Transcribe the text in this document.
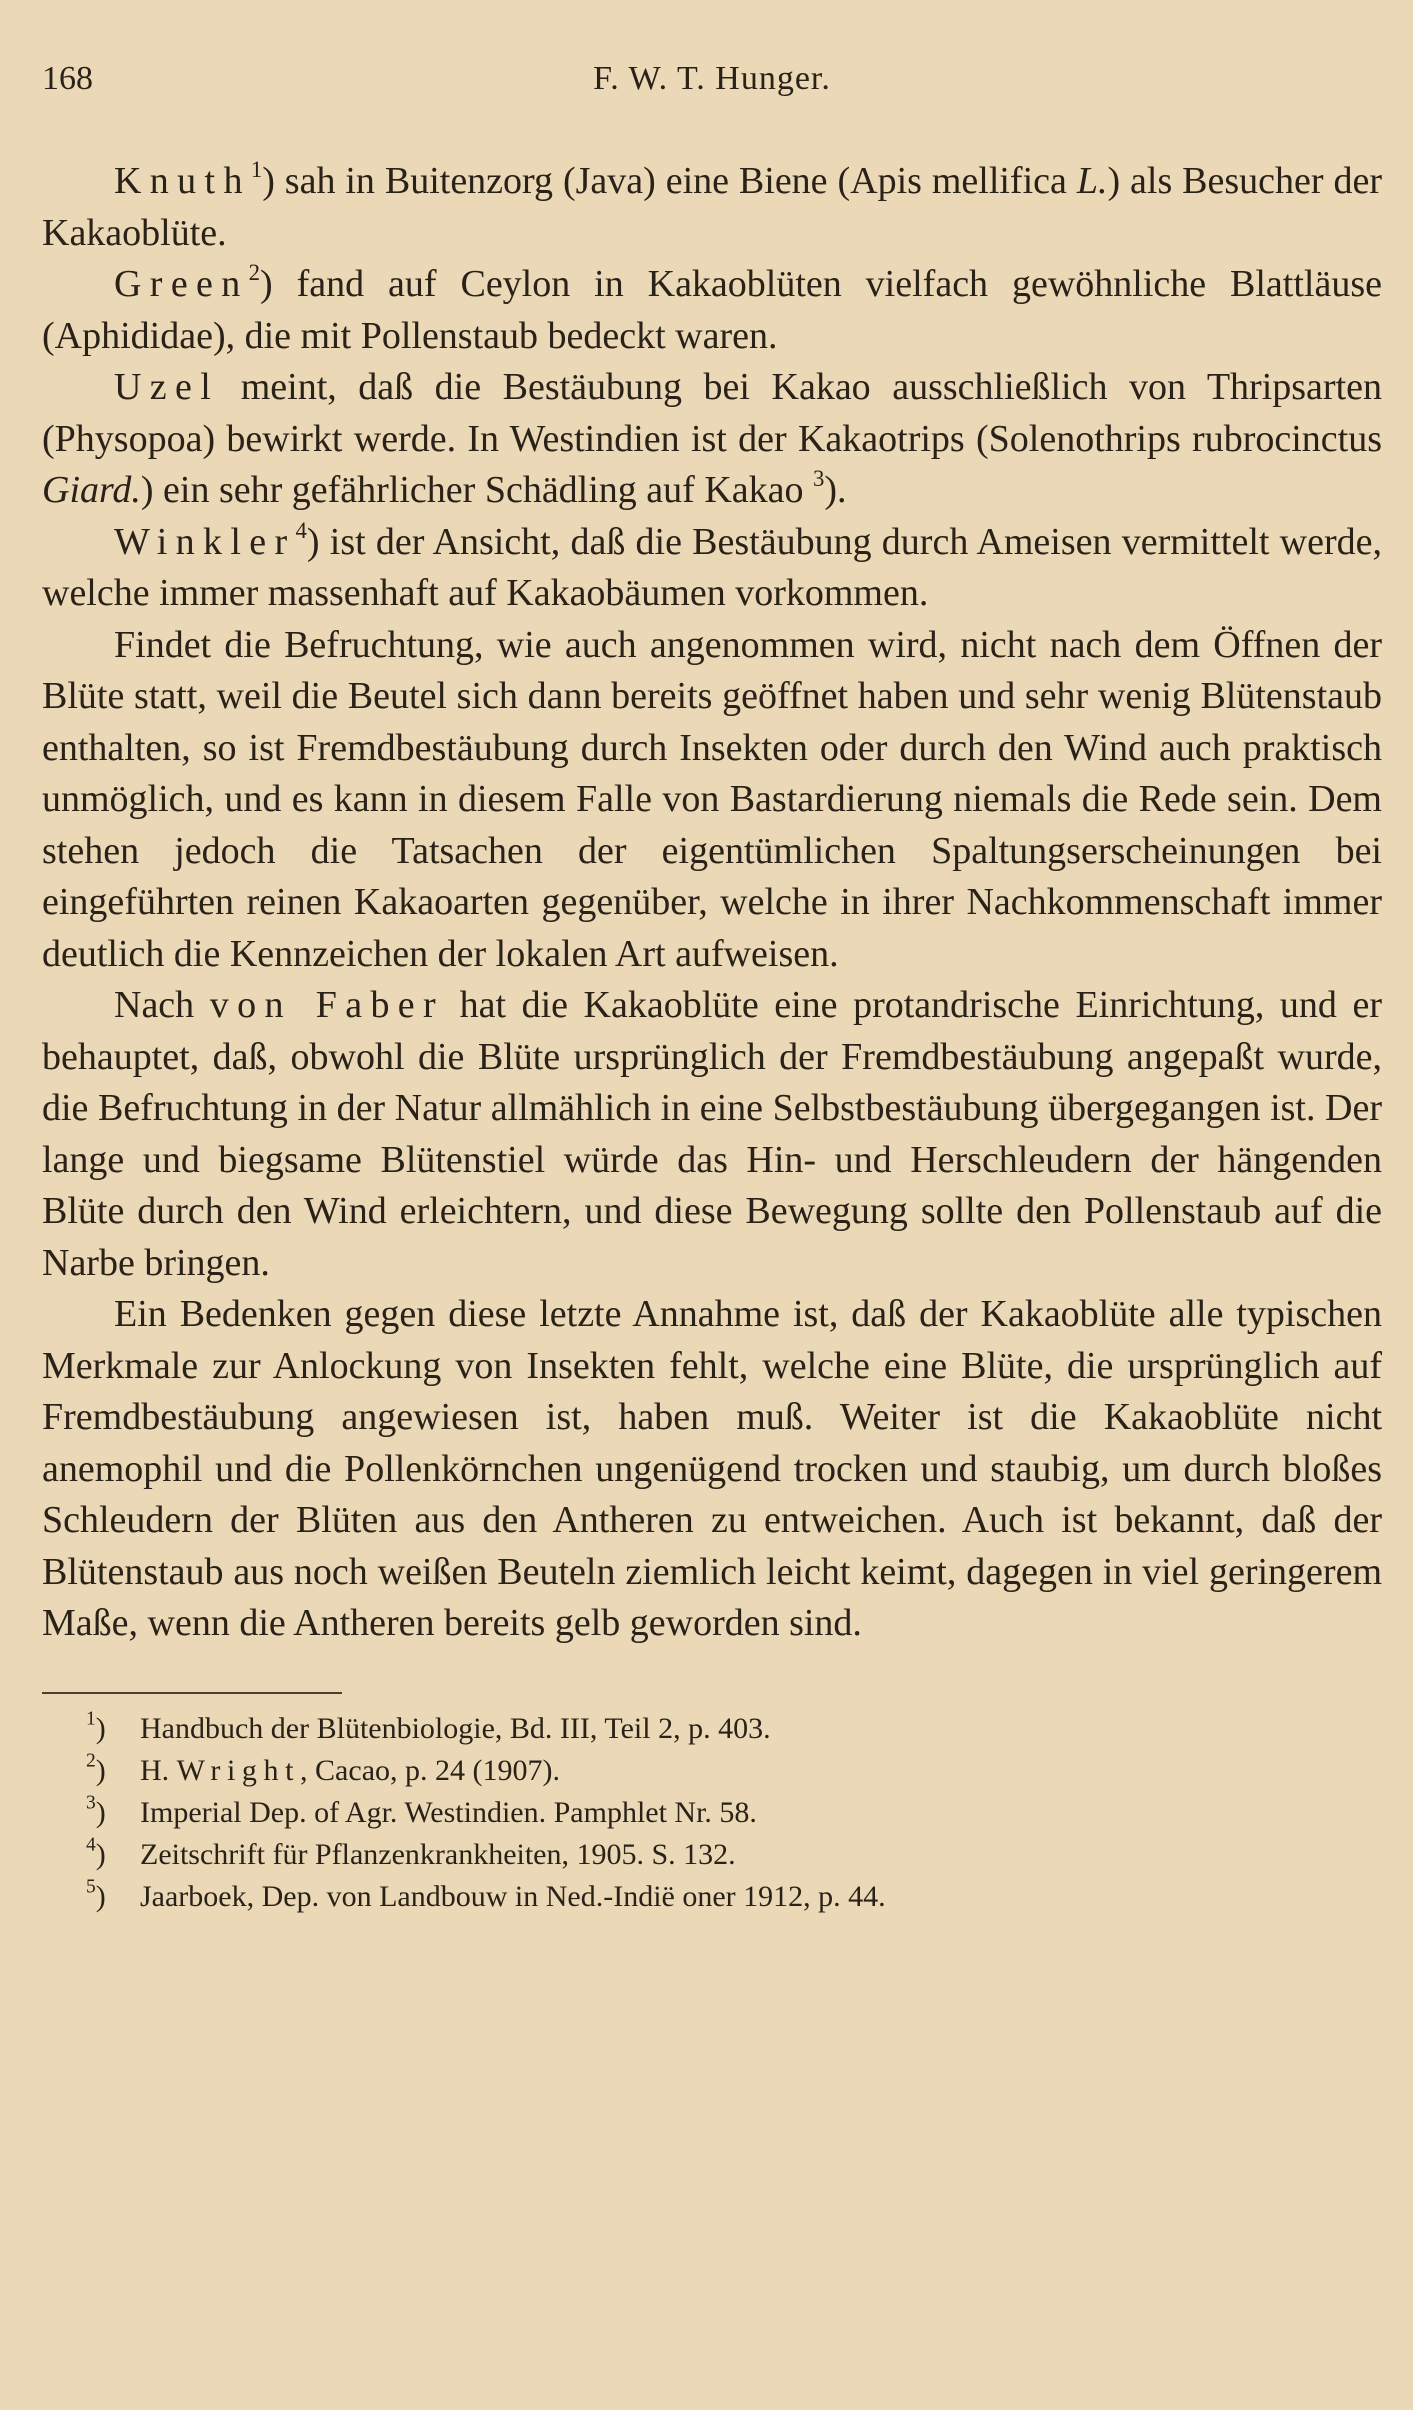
168	F. W. T. Hunger.

Knuth$^1$) sah in Buitenzorg (Java) eine Biene (Apis mellifica L.) als Besucher der Kakaoblüte.

Green$^2$) fand auf Ceylon in Kakaoblüten vielfach gewöhnliche Blattläuse (Aphididae), die mit Pollenstaub bedeckt waren.

Uzel meint, daß die Bestäubung bei Kakao ausschließlich von Thripsarten (Physopoa) bewirkt werde. In Westindien ist der Kakaotrips (Solenothrips rubrocinctus Giard.) ein sehr gefährlicher Schädling auf Kakao $^3$).

Winkler$^4$) ist der Ansicht, daß die Bestäubung durch Ameisen vermittelt werde, welche immer massenhaft auf Kakaobäumen vorkommen.

Findet die Befruchtung, wie auch angenommen wird, nicht nach dem Öffnen der Blüte statt, weil die Beutel sich dann bereits geöffnet haben und sehr wenig Blütenstaub enthalten, so ist Fremdbestäubung durch Insekten oder durch den Wind auch praktisch unmöglich, und es kann in diesem Falle von Bastardierung niemals die Rede sein. Dem stehen jedoch die Tatsachen der eigentümlichen Spaltungserscheinungen bei eingeführten reinen Kakaoarten gegenüber, welche in ihrer Nachkommenschaft immer deutlich die Kennzeichen der lokalen Art aufweisen.

Nach von Faber hat die Kakaoblüte eine protandrische Einrichtung, und er behauptet, daß, obwohl die Blüte ursprünglich der Fremdbestäubung angepaßt wurde, die Befruchtung in der Natur allmählich in eine Selbstbestäubung übergegangen ist. Der lange und biegsame Blütenstiel würde das Hin- und Herschleudern der hängenden Blüte durch den Wind erleichtern, und diese Bewegung sollte den Pollenstaub auf die Narbe bringen.

Ein Bedenken gegen diese letzte Annahme ist, daß der Kakaoblüte alle typischen Merkmale zur Anlockung von Insekten fehlt, welche eine Blüte, die ursprünglich auf Fremdbestäubung angewiesen ist, haben muß. Weiter ist die Kakaoblüte nicht anemophil und die Pollenkörnchen ungenügend trocken und staubig, um durch bloßes Schleudern der Blüten aus den Antheren zu entweichen. Auch ist bekannt, daß der Blütenstaub aus noch weißen Beuteln ziemlich leicht keimt, dagegen in viel geringerem Maße, wenn die Antheren bereits gelb geworden sind.

$^1$) Handbuch der Blütenbiologie, Bd. III, Teil 2, p. 403.
$^2$) H. Wright, Cacao, p. 24 (1907).
$^3$) Imperial Dep. of Agr. Westindien. Pamphlet Nr. 58.
$^4$) Zeitschrift für Pflanzenkrankheiten, 1905. S. 132.
$^5$) Jaarboek, Dep. von Landbouw in Ned.-Indië oner 1912, p. 44.
